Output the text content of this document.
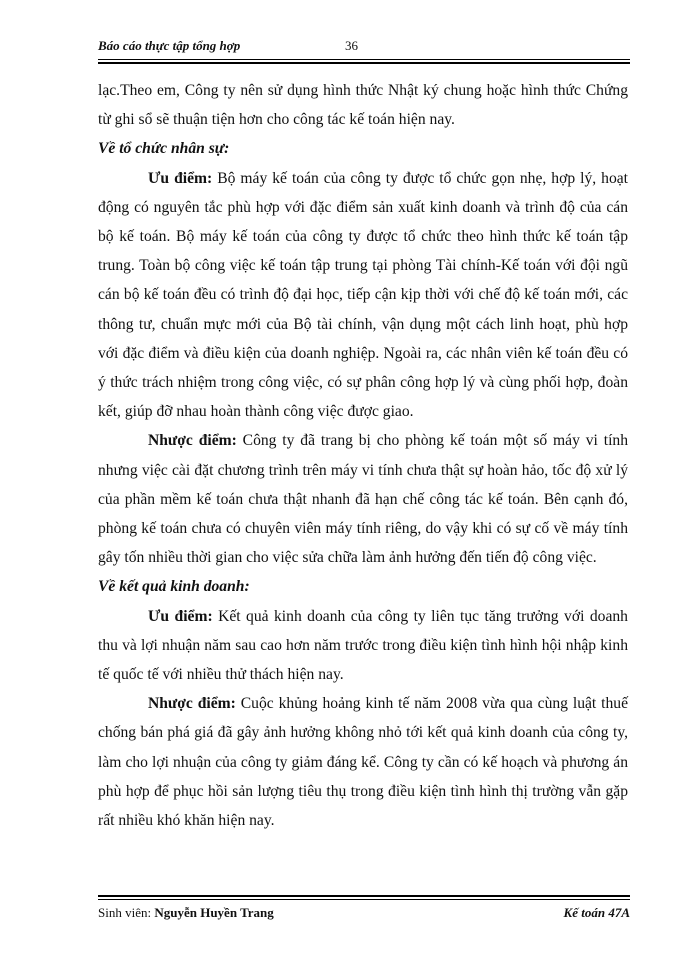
Báo cáo thực tập tổng hợp	36

lạc.Theo em, Công ty nên sử dụng hình thức Nhật ký chung hoặc hình thức Chứng từ ghi sổ sẽ thuận tiện hơn cho công tác kế toán hiện nay.

Về tổ chức nhân sự:

Ưu điểm: Bộ máy kế toán của công ty được tổ chức gọn nhẹ, hợp lý, hoạt động có nguyên tắc phù hợp với đặc điểm sản xuất kinh doanh và trình độ của cán bộ kế toán. Bộ máy kế toán của công ty được tổ chức theo hình thức kế toán tập trung. Toàn bộ công việc kế toán tập trung tại phòng Tài chính-Kế toán với đội ngũ cán bộ kế toán đều có trình độ đại học, tiếp cận kịp thời với chế độ kế toán mới, các thông tư, chuẩn mực mới của Bộ tài chính, vận dụng một cách linh hoạt, phù hợp với đặc điểm và điều kiện của doanh nghiệp. Ngoài ra, các nhân viên kế toán đều có ý thức trách nhiệm trong công việc, có sự phân công hợp lý và cùng phối hợp, đoàn kết, giúp đỡ nhau hoàn thành công việc được giao.

Nhược điểm: Công ty đã trang bị cho phòng kế toán một số máy vi tính nhưng việc cài đặt chương trình trên máy vi tính chưa thật sự hoàn hảo, tốc độ xử lý của phần mềm kế toán chưa thật nhanh đã hạn chế công tác kế toán. Bên cạnh đó, phòng kế toán chưa có chuyên viên máy tính riêng, do vậy khi có sự cố về máy tính gây tốn nhiều thời gian cho việc sửa chữa làm ảnh hưởng đến tiến độ công việc.

Về kết quả kinh doanh:

Ưu điểm: Kết quả kinh doanh của công ty liên tục tăng trưởng với doanh thu và lợi nhuận năm sau cao hơn năm trước trong điều kiện tình hình hội nhập kinh tế quốc tế với nhiều thử thách hiện nay.

Nhược điểm: Cuộc khủng hoảng kinh tế năm 2008 vừa qua cùng luật thuế chống bán phá giá đã gây ảnh hưởng không nhỏ tới kết quả kinh doanh của công ty, làm cho lợi nhuận của công ty giảm đáng kể. Công ty cần có kế hoạch và phương án phù hợp để phục hồi sản lượng tiêu thụ trong điều kiện tình hình thị trường vẫn gặp rất nhiều khó khăn hiện nay.

Sinh viên: Nguyễn Huyền Trang	Kế toán 47A
